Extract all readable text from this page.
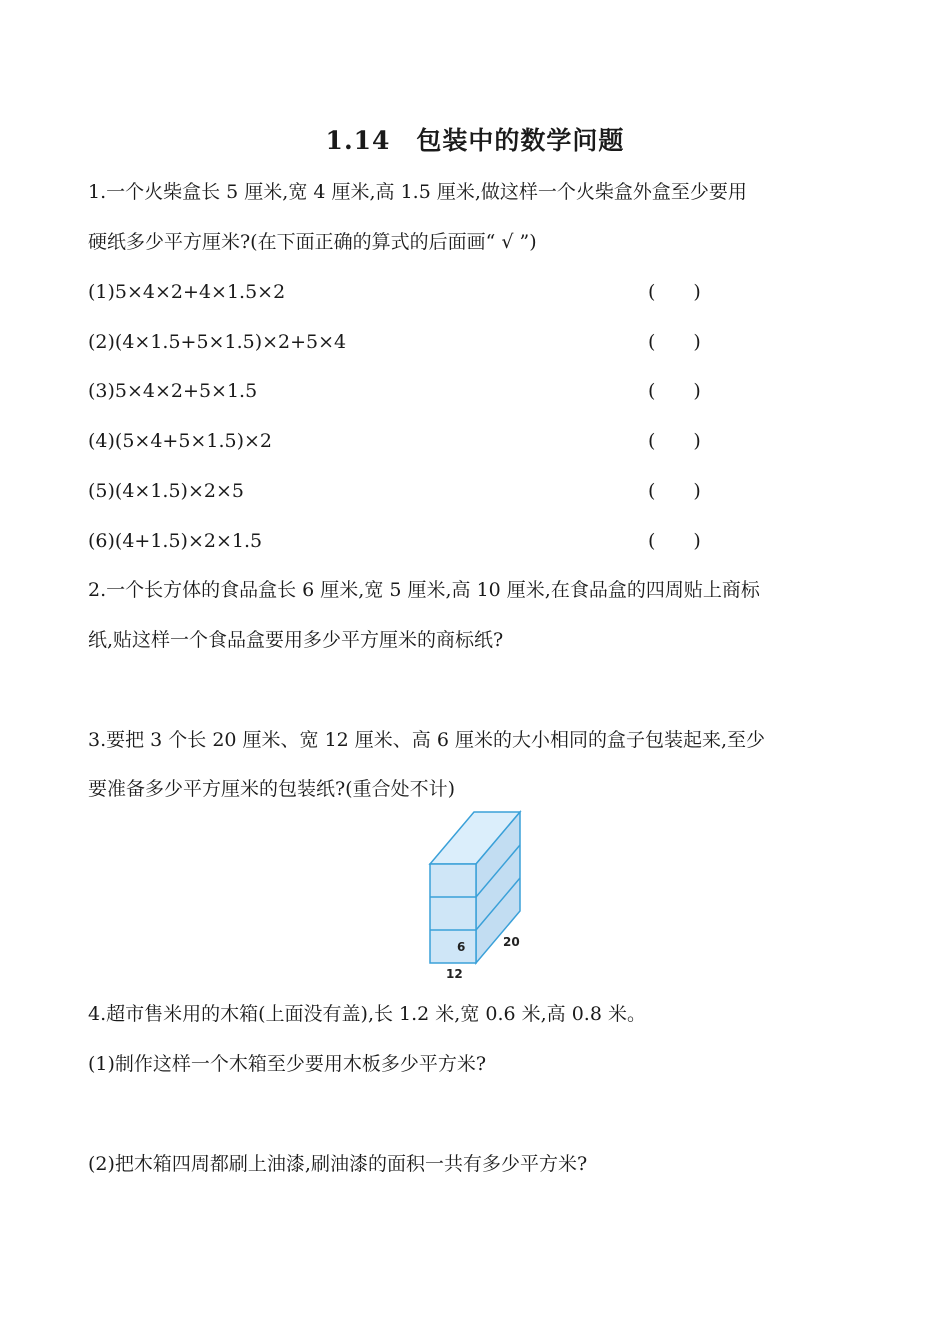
1.14　包装中的数学问题

1.一个火柴盒长 5 厘米,宽 4 厘米,高 1.5 厘米,做这样一个火柴盒外盒至少要用

硬纸多少平方厘米?(在下面正确的算式的后面画“ √ ”)

(1)5×4×2+4×1.5×2	(　　)

(2)(4×1.5+5×1.5)×2+5×4	(　　)

(3)5×4×2+5×1.5	(　　)

(4)(5×4+5×1.5)×2	(　　)

(5)(4×1.5)×2×5	(　　)

(6)(4+1.5)×2×1.5	(　　)

2.一个长方体的食品盒长 6 厘米,宽 5 厘米,高 10 厘米,在食品盒的四周贴上商标

纸,贴这样一个食品盒要用多少平方厘米的商标纸?

3.要把 3 个长 20 厘米、宽 12 厘米、高 6 厘米的大小相同的盒子包装起来,至少

要准备多少平方厘米的包装纸?(重合处不计)

6	20
12

4.超市售米用的木箱(上面没有盖),长 1.2 米,宽 0.6 米,高 0.8 米。

(1)制作这样一个木箱至少要用木板多少平方米?

(2)把木箱四周都刷上油漆,刷油漆的面积一共有多少平方米?
